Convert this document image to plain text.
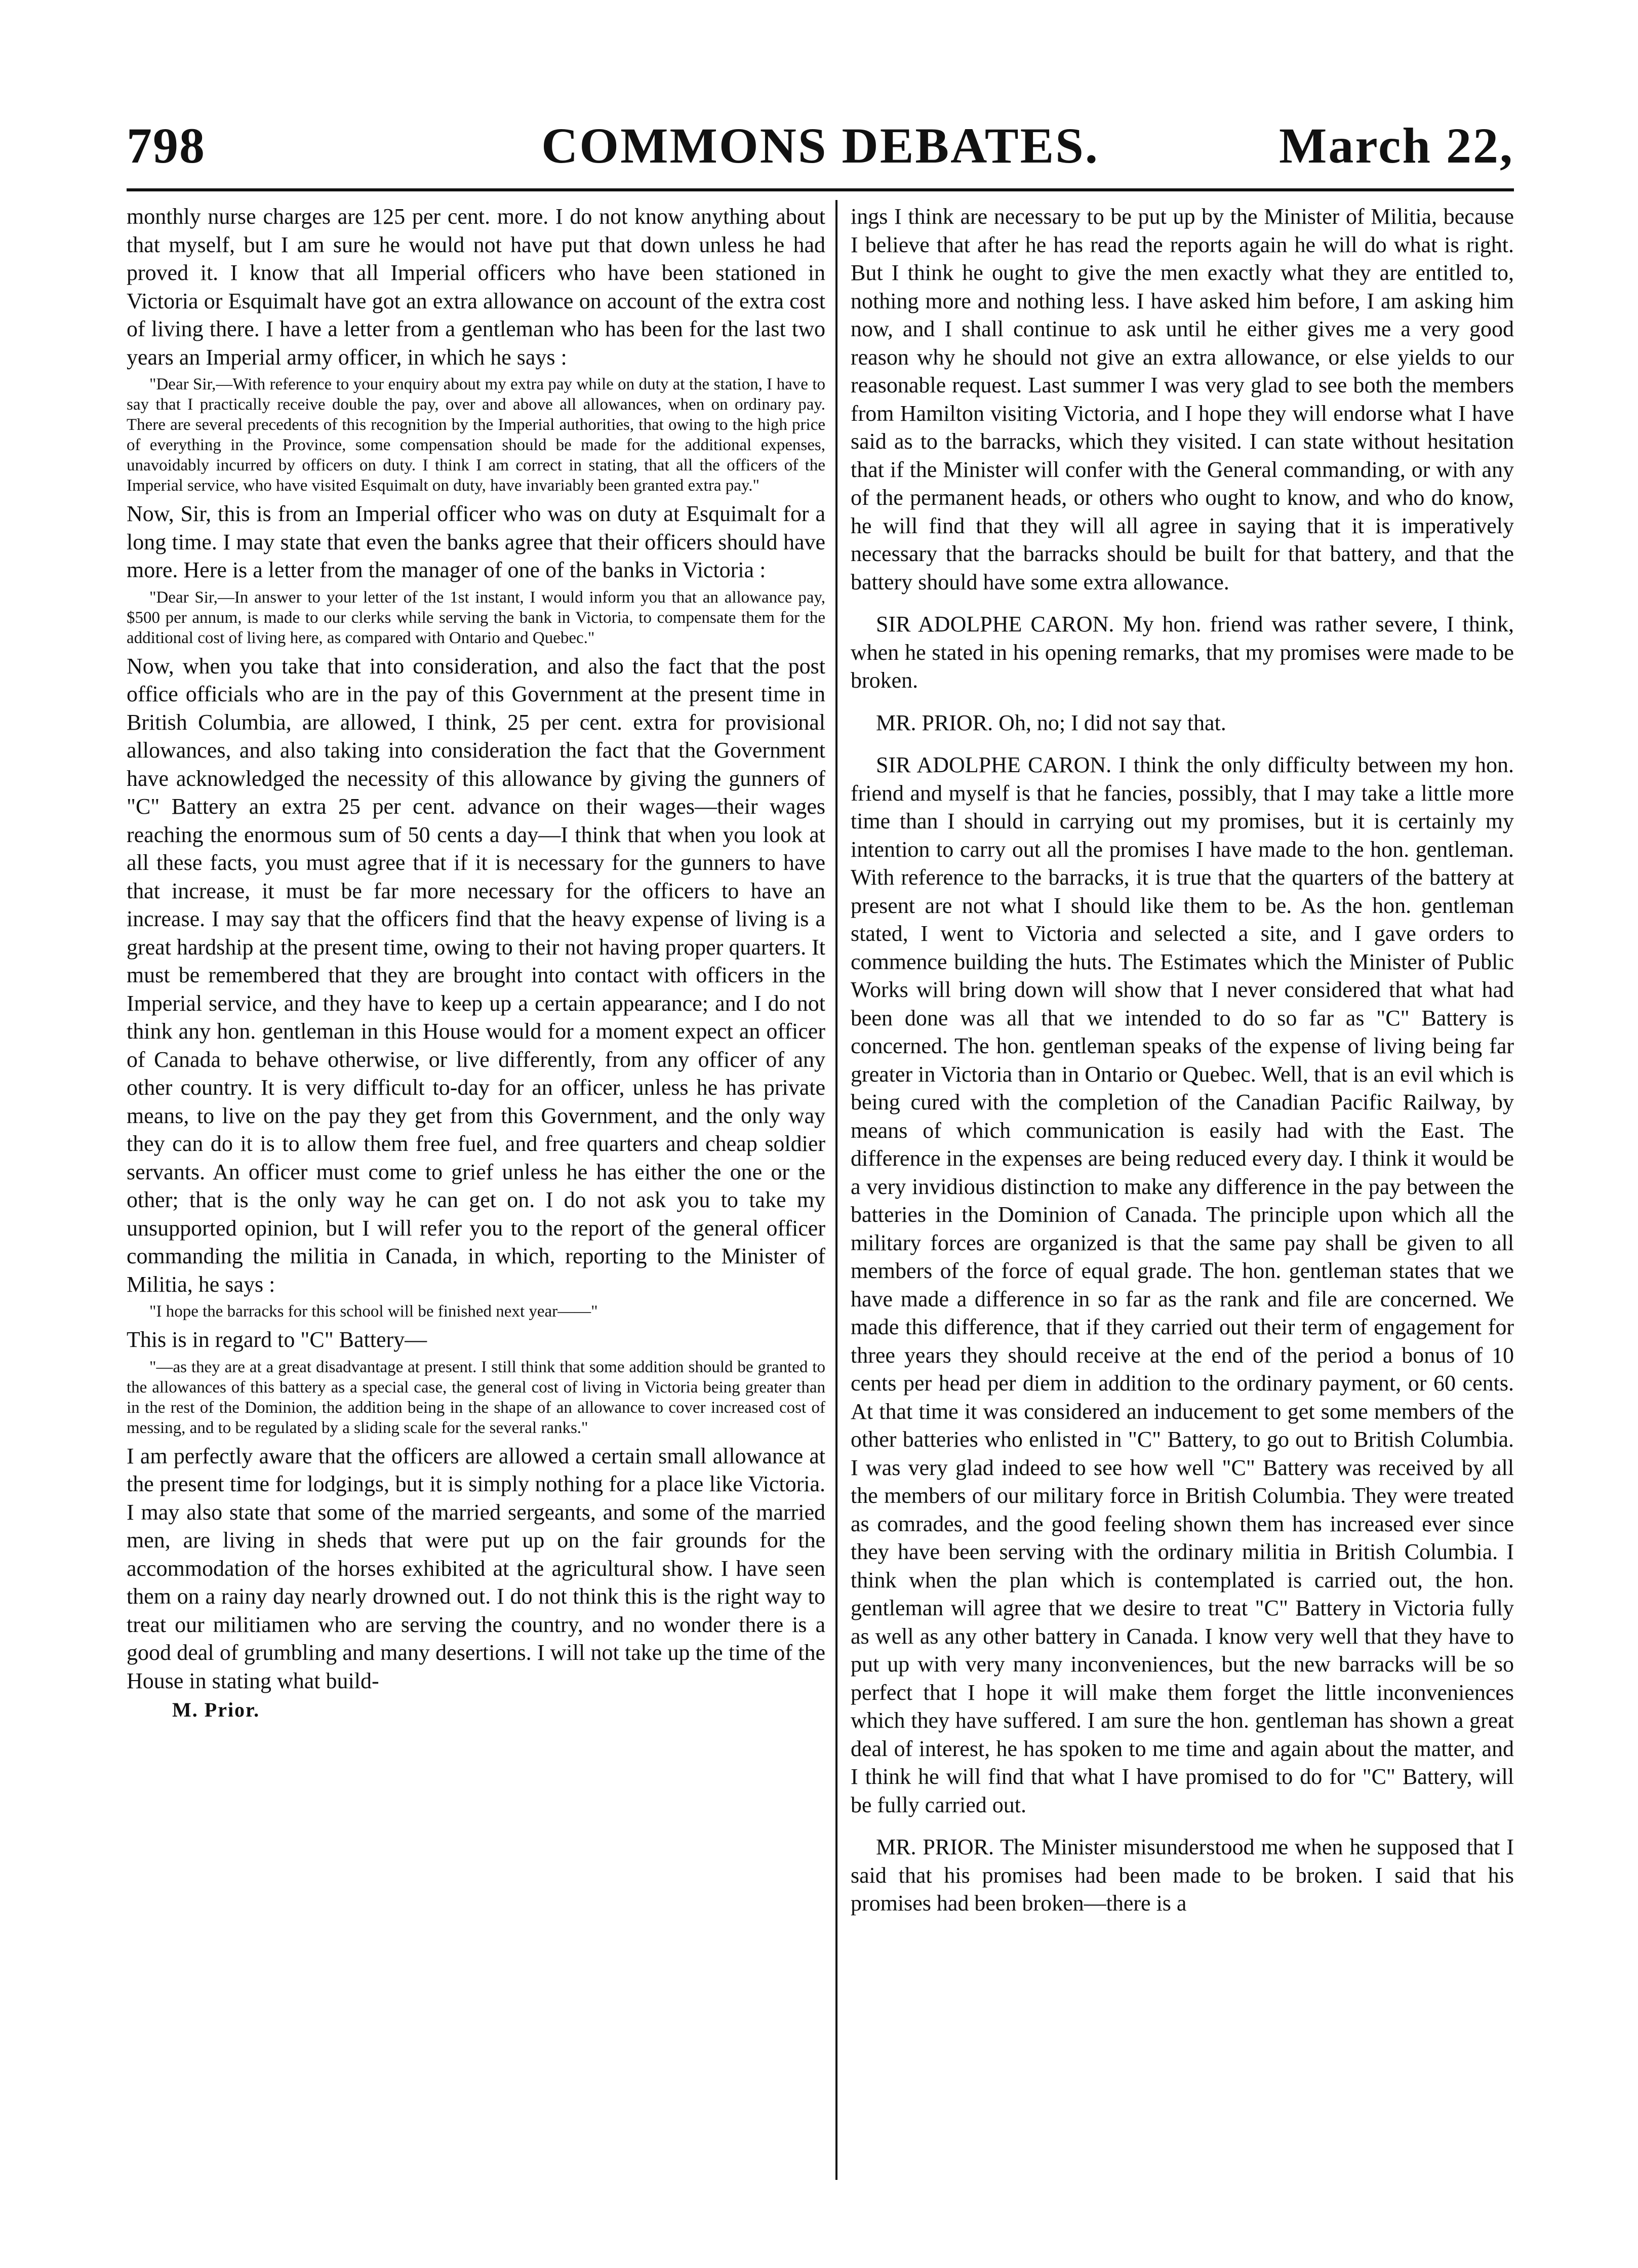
798	COMMONS DEBATES.	March 22,

monthly nurse charges are 125 per cent. more. I do not know anything about that myself, but I am sure he would not have put that down unless he had proved it. I know that all Imperial officers who have been stationed in Victoria or Esquimalt have got an extra allowance on account of the extra cost of living there. I have a letter from a gentleman who has been for the last two years an Imperial army officer, in which he says :

"Dear Sir,—With reference to your enquiry about my extra pay while on duty at the station, I have to say that I practically receive double the pay, over and above all allowances, when on ordinary pay. There are several precedents of this recognition by the Imperial authorities, that owing to the high price of everything in the Province, some compensation should be made for the additional expenses, unavoidably incurred by officers on duty. I think I am correct in stating, that all the officers of the Imperial service, who have visited Esquimalt on duty, have invariably been granted extra pay."

Now, Sir, this is from an Imperial officer who was on duty at Esquimalt for a long time. I may state that even the banks agree that their officers should have more. Here is a letter from the manager of one of the banks in Victoria :

"Dear Sir,—In answer to your letter of the 1st instant, I would inform you that an allowance pay, $500 per annum, is made to our clerks while serving the bank in Victoria, to compensate them for the additional cost of living here, as compared with Ontario and Quebec."

Now, when you take that into consideration, and also the fact that the post office officials who are in the pay of this Government at the present time in British Columbia, are allowed, I think, 25 per cent. extra for provisional allowances, and also taking into consideration the fact that the Government have acknowledged the necessity of this allowance by giving the gunners of "C" Battery an extra 25 per cent. advance on their wages—their wages reaching the enormous sum of 50 cents a day—I think that when you look at all these facts, you must agree that if it is necessary for the gunners to have that increase, it must be far more necessary for the officers to have an increase. I may say that the officers find that the heavy expense of living is a great hardship at the present time, owing to their not having proper quarters. It must be remembered that they are brought into contact with officers in the Imperial service, and they have to keep up a certain appearance; and I do not think any hon. gentleman in this House would for a moment expect an officer of Canada to behave otherwise, or live differently, from any officer of any other country. It is very difficult to-day for an officer, unless he has private means, to live on the pay they get from this Government, and the only way they can do it is to allow them free fuel, and free quarters and cheap soldier servants. An officer must come to grief unless he has either the one or the other; that is the only way he can get on. I do not ask you to take my unsupported opinion, but I will refer you to the report of the general officer commanding the militia in Canada, in which, reporting to the Minister of Militia, he says :

"I hope the barracks for this school will be finished next year——"

This is in regard to "C" Battery—

"—as they are at a great disadvantage at present. I still think that some addition should be granted to the allowances of this battery as a special case, the general cost of living in Victoria being greater than in the rest of the Dominion, the addition being in the shape of an allowance to cover increased cost of messing, and to be regulated by a sliding scale for the several ranks."

I am perfectly aware that the officers are allowed a certain small allowance at the present time for lodgings, but it is simply nothing for a place like Victoria. I may also state that some of the married sergeants, and some of the married men, are living in sheds that were put up on the fair grounds for the accommodation of the horses exhibited at the agricultural show. I have seen them on a rainy day nearly drowned out. I do not think this is the right way to treat our militiamen who are serving the country, and no wonder there is a good deal of grumbling and many desertions. I will not take up the time of the House in stating what build-

M. Prior.

ings I think are necessary to be put up by the Minister of Militia, because I believe that after he has read the reports again he will do what is right. But I think he ought to give the men exactly what they are entitled to, nothing more and nothing less. I have asked him before, I am asking him now, and I shall continue to ask until he either gives me a very good reason why he should not give an extra allowance, or else yields to our reasonable request. Last summer I was very glad to see both the members from Hamilton visiting Victoria, and I hope they will endorse what I have said as to the barracks, which they visited. I can state without hesitation that if the Minister will confer with the General commanding, or with any of the permanent heads, or others who ought to know, and who do know, he will find that they will all agree in saying that it is imperatively necessary that the barracks should be built for that battery, and that the battery should have some extra allowance.

SIR ADOLPHE CARON. My hon. friend was rather severe, I think, when he stated in his opening remarks, that my promises were made to be broken.

MR. PRIOR. Oh, no; I did not say that.

SIR ADOLPHE CARON. I think the only difficulty between my hon. friend and myself is that he fancies, possibly, that I may take a little more time than I should in carrying out my promises, but it is certainly my intention to carry out all the promises I have made to the hon. gentleman. With reference to the barracks, it is true that the quarters of the battery at present are not what I should like them to be. As the hon. gentleman stated, I went to Victoria and selected a site, and I gave orders to commence building the huts. The Estimates which the Minister of Public Works will bring down will show that I never considered that what had been done was all that we intended to do so far as "C" Battery is concerned. The hon. gentleman speaks of the expense of living being far greater in Victoria than in Ontario or Quebec. Well, that is an evil which is being cured with the completion of the Canadian Pacific Railway, by means of which communication is easily had with the East. The difference in the expenses are being reduced every day. I think it would be a very invidious distinction to make any difference in the pay between the batteries in the Dominion of Canada. The principle upon which all the military forces are organized is that the same pay shall be given to all members of the force of equal grade. The hon. gentleman states that we have made a difference in so far as the rank and file are concerned. We made this difference, that if they carried out their term of engagement for three years they should receive at the end of the period a bonus of 10 cents per head per diem in addition to the ordinary payment, or 60 cents. At that time it was considered an inducement to get some members of the other batteries who enlisted in "C" Battery, to go out to British Columbia. I was very glad indeed to see how well "C" Battery was received by all the members of our military force in British Columbia. They were treated as comrades, and the good feeling shown them has increased ever since they have been serving with the ordinary militia in British Columbia. I think when the plan which is contemplated is carried out, the hon. gentleman will agree that we desire to treat "C" Battery in Victoria fully as well as any other battery in Canada. I know very well that they have to put up with very many inconveniences, but the new barracks will be so perfect that I hope it will make them forget the little inconveniences which they have suffered. I am sure the hon. gentleman has shown a great deal of interest, he has spoken to me time and again about the matter, and I think he will find that what I have promised to do for "C" Battery, will be fully carried out.

MR. PRIOR. The Minister misunderstood me when he supposed that I said that his promises had been made to be broken. I said that his promises had been broken—there is a
